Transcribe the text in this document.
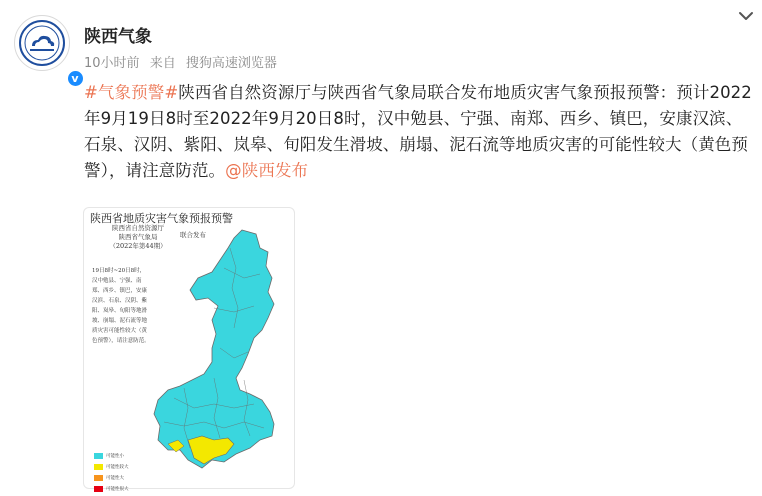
v
陕西气象
10小时前 来自 搜狗高速浏览器
#气象预警#陕西省自然资源厅与陕西省气象局联合发布地质灾害气象预报预警：预计2022年9月19日8时至2022年9月20日8时，汉中勉县、宁强、南郑、西乡、镇巴，安康汉滨、石泉、汉阴、紫阳、岚皋、旬阳发生滑坡、崩塌、泥石流等地质灾害的可能性较大（黄色预警），请注意防范。@陕西发布
陕西省地质灾害气象预报预警
陕西省自然资源厅
陕西省气象局
（2022年第44期）
联合发布
19日8时~20日8时，汉中勉县、宁强、南郑、西乡、镇巴，安康汉滨、石泉、汉阴、紫阳、岚皋、旬阳等地滑坡、崩塌、泥石流等地质灾害可能性较大（黄色预警），请注意防范。
可能性小
可能性较大
可能性大
可能性很大
